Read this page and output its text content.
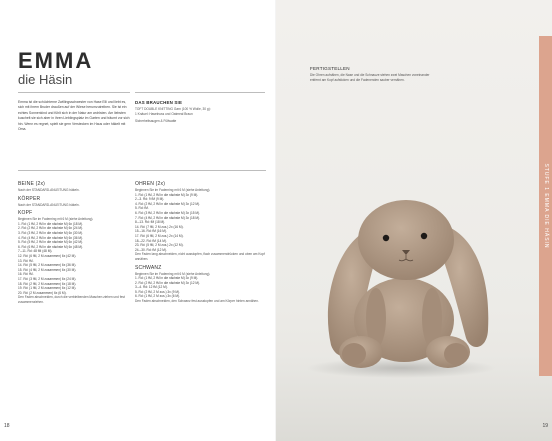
EMMA
die Häsin
Emma ist die schüchterne Zwillingsschwester von Hase Elli und liebt es, sich mit ihrem Bruder draußen auf der Wiese herumzutreiben. Sie ist ein echtes Sonnenkind und fühlt sich in der Natur am wohlsten. Am liebsten kuschelt sie sich aber in ihren Lieblingsplatz im Garten und träumt vor sich hin. Wenn es regnet, spielt sie gern Verstecken im Haus oder häkelt mit Oma.
DAS BRAUCHEN SIE
TOFT DOUBLE KNITTING Garn (100 % Wolle, 30 g):
1 Knäuel: Haselnuss und Oatmeal Braun
Sicherheitsaugen & Füllwatte
BEINE (2x)
Nach der STANDARD-ANLEITUNG häkeln.
KÖRPER
Nach der STANDARD-ANLEITUNG häkeln.
KOPF
Beginnen Sie im Fadenring mit 6 M (siehe Anleitung).
1. Rd: (1 fM, 2 fM in die nächste M) 6x (18 M).
2. Rd: (2 fM, 2 fM in die nächste M) 6x (24 M).
3. Rd: (3 fM, 2 fM in die nächste M) 6x (30 M).
4. Rd: (4 fM, 2 fM in die nächste M) 6x (36 M).
5. Rd: (5 fM, 2 fM in die nächste M) 6x (42 M).
6. Rd: (6 fM, 2 fM in die nächste M) 6x (48 M).
7.–11. Rd: 48 fM (48 M).
12. Rd: (6 fM, 2 M zusammen) 6x (42 M).
13. Rd: fM.
14. Rd: (5 fM, 2 M zusammen) 6x (36 M).
15. Rd: (4 fM, 2 M zusammen) 6x (30 M).
16. Rd: fM.
17. Rd: (3 fM, 2 M zusammen) 6x (24 M).
18. Rd: (2 fM, 2 M zusammen) 6x (18 M).
19. Rd: (1 fM, 2 M zusammen) 6x (12 M).
20. Rd: (2 M zusammen) 6x (6 M).
Den Faden abschneiden, durch die verbleibenden Maschen ziehen und fest zusammenziehen.
OHREN (2x)
Beginnen Sie im Fadenring mit 6 M (siehe Anleitung).
1. Rd: (1 fM, 2 fM in die nächste M) 3x (9 M).
2.–3. Rd: 9 fM (9 M).
4. Rd: (2 fM, 2 fM in die nächste M) 3x (12 M).
5. Rd: fM.
6. Rd: (3 fM, 2 fM in die nächste M) 3x (15 M).
7. Rd: (4 fM, 2 fM in die nächste M) 3x (18 M).
8.–13. Rd: fM (18 M).
14. Rd: (7 fM, 2 M zus.) 2x (16 M).
15.–16. Rd: fM (16 M).
17. Rd: (6 fM, 2 M zus.) 2x (14 M).
18.–22. Rd: fM (14 M).
23. Rd: (5 fM, 2 M zus.) 2x (12 M).
24.–30. Rd: fM (12 M).
Den Faden lang abschneiden, nicht ausstopfen, flach zusammendrücken und oben am Kopf annähen.
SCHWANZ
Beginnen Sie im Fadenring mit 6 M (siehe Anleitung).
1. Rd: (1 fM, 2 fM in die nächste M) 3x (9 M).
2. Rd: (2 fM, 2 fM in die nächste M) 3x (12 M).
3.–4. Rd: 12 fM (12 M).
5. Rd: (2 fM, 2 M zus.) 3x (9 M).
6. Rd: (1 fM, 2 M zus.) 3x (6 M).
Den Faden abschneiden, den Schwanz fest ausstopfen und am Körper hinten annähen.
18
FERTIGSTELLEN
Die Ohren aufnähen, die Nase und die Schnauze stehen zwei Maschen voneinander entfernt am Kopf aufsticken und die Fadenenden sauber vernähen.
STUFE 1 EMMA DIE HÄSIN
19
